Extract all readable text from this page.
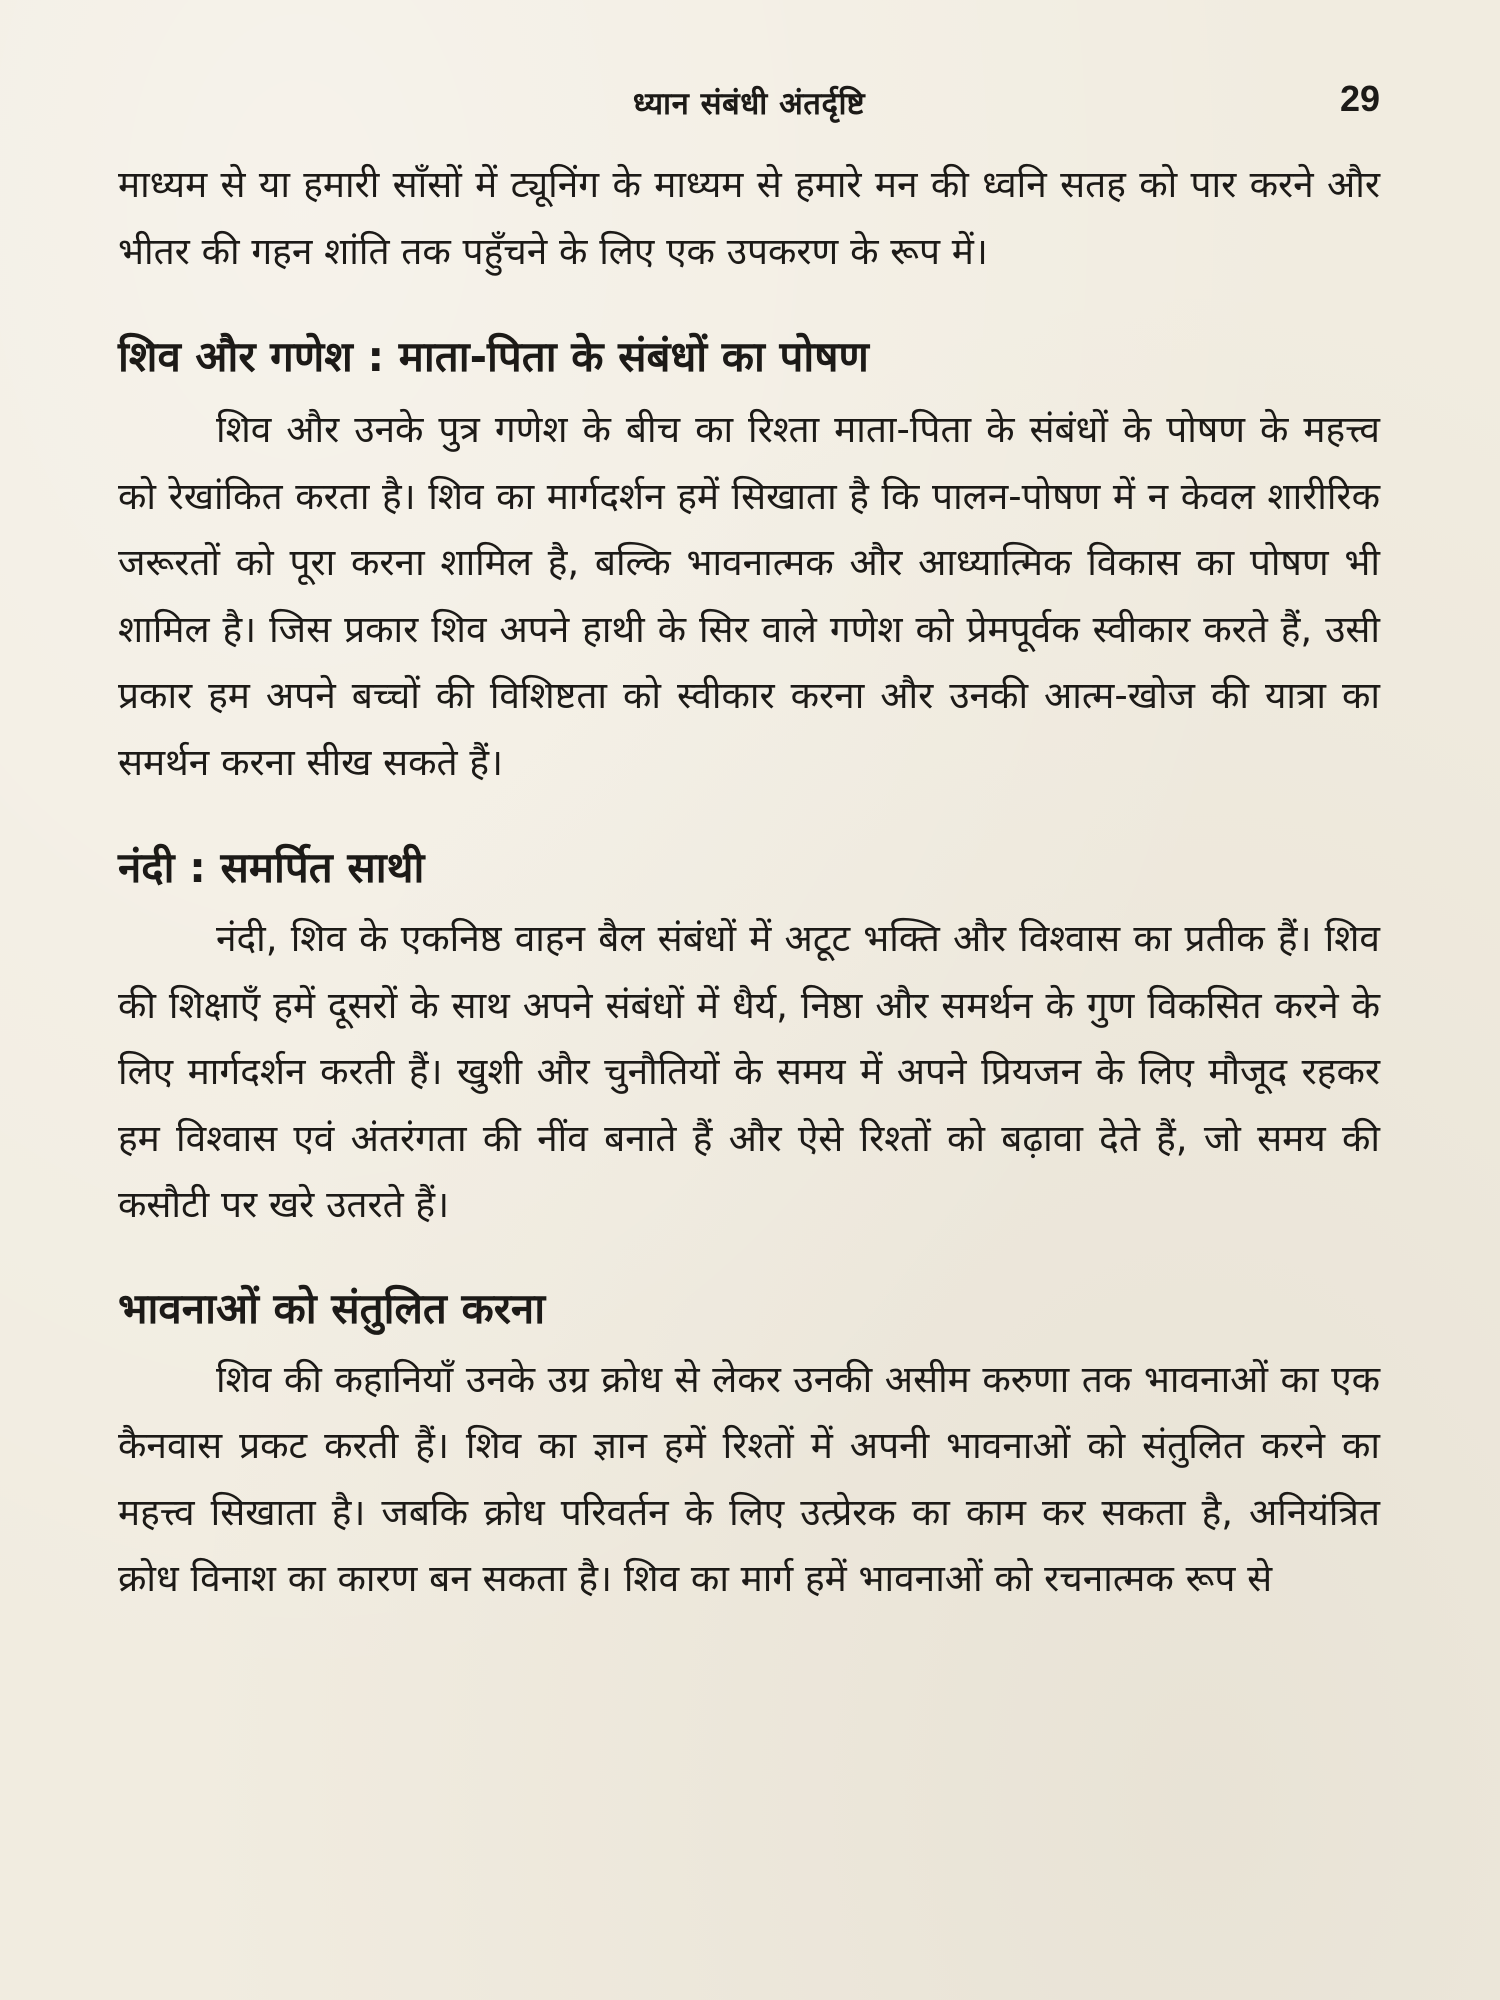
ध्यान संबंधी अंतर्दृष्टि	29

माध्यम से या हमारी साँसों में ट्यूनिंग के माध्यम से हमारे मन की ध्वनि सतह को पार करने और भीतर की गहन शांति तक पहुँचने के लिए एक उपकरण के रूप में।

शिव और गणेश : माता-पिता के संबंधों का पोषण

शिव और उनके पुत्र गणेश के बीच का रिश्ता माता-पिता के संबंधों के पोषण के महत्त्व को रेखांकित करता है। शिव का मार्गदर्शन हमें सिखाता है कि पालन-पोषण में न केवल शारीरिक जरूरतों को पूरा करना शामिल है, बल्कि भावनात्मक और आध्यात्मिक विकास का पोषण भी शामिल है। जिस प्रकार शिव अपने हाथी के सिर वाले गणेश को प्रेमपूर्वक स्वीकार करते हैं, उसी प्रकार हम अपने बच्चों की विशिष्टता को स्वीकार करना और उनकी आत्म-खोज की यात्रा का समर्थन करना सीख सकते हैं।

नंदी : समर्पित साथी

नंदी, शिव के एकनिष्ठ वाहन बैल संबंधों में अटूट भक्ति और विश्वास का प्रतीक हैं। शिव की शिक्षाएँ हमें दूसरों के साथ अपने संबंधों में धैर्य, निष्ठा और समर्थन के गुण विकसित करने के लिए मार्गदर्शन करती हैं। खुशी और चुनौतियों के समय में अपने प्रियजन के लिए मौजूद रहकर हम विश्वास एवं अंतरंगता की नींव बनाते हैं और ऐसे रिश्तों को बढ़ावा देते हैं, जो समय की कसौटी पर खरे उतरते हैं।

भावनाओं को संतुलित करना

शिव की कहानियाँ उनके उग्र क्रोध से लेकर उनकी असीम करुणा तक भावनाओं का एक कैनवास प्रकट करती हैं। शिव का ज्ञान हमें रिश्तों में अपनी भावनाओं को संतुलित करने का महत्त्व सिखाता है। जबकि क्रोध परिवर्तन के लिए उत्प्रेरक का काम कर सकता है, अनियंत्रित क्रोध विनाश का कारण बन सकता है। शिव का मार्ग हमें भावनाओं को रचनात्मक रूप से
